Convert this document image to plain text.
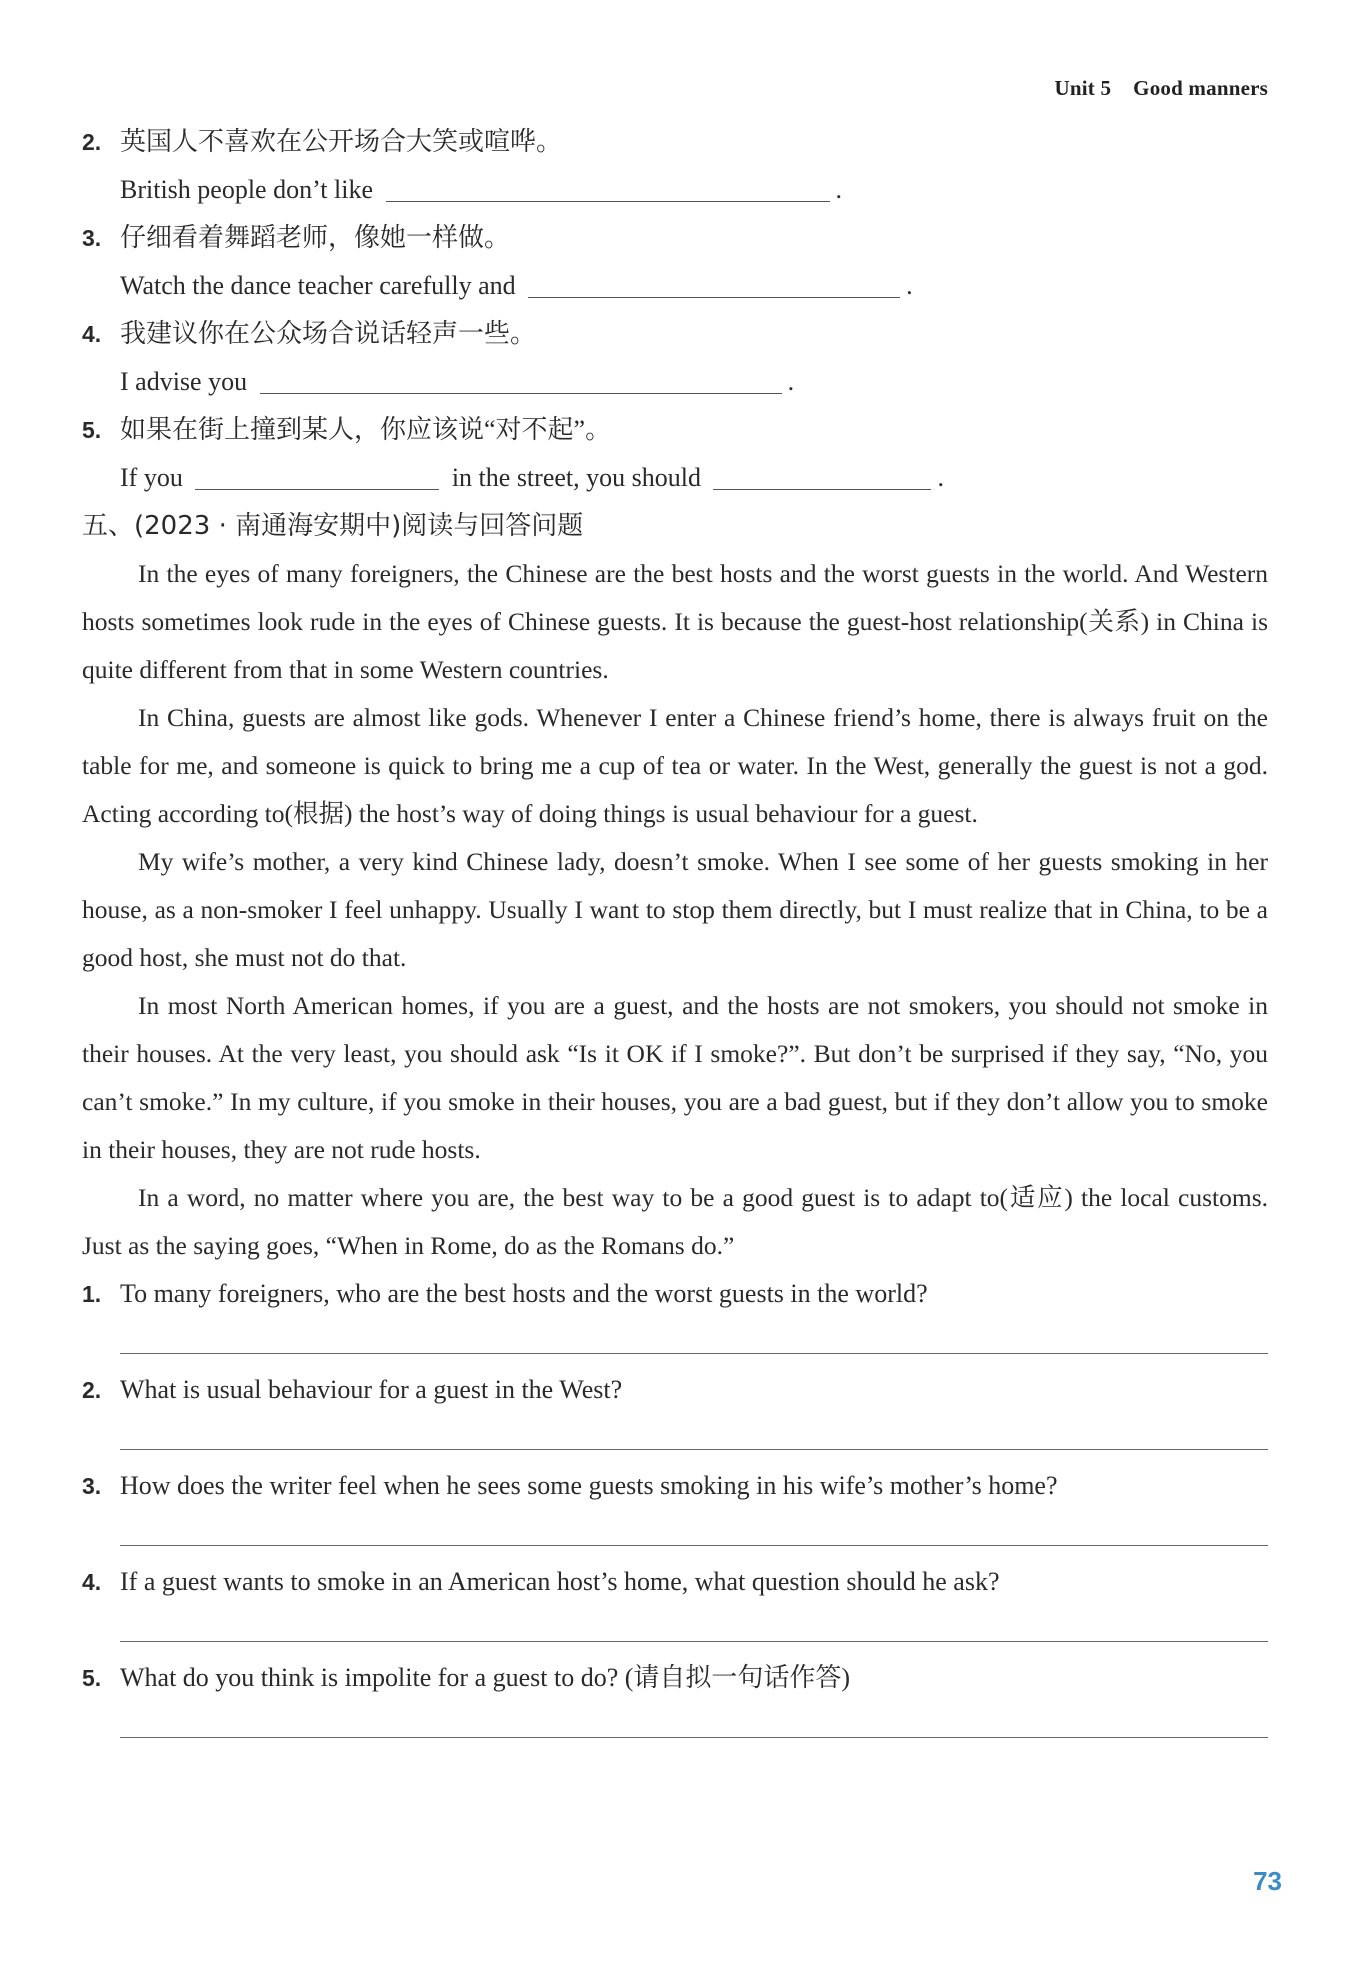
Unit 5 Good manners
2. 英国人不喜欢在公开场合大笑或喧哗。
British people don’t like	.
3. 仔细看着舞蹈老师，像她一样做。
Watch the dance teacher carefully and	.
4. 我建议你在公众场合说话轻声一些。
I advise you	.
5. 如果在街上撞到某人，你应该说“对不起”。
If you	in the street, you should	.
五、(2023 · 南通海安期中)阅读与回答问题

In the eyes of many foreigners, the Chinese are the best hosts and the worst guests in the world. And Western hosts sometimes look rude in the eyes of Chinese guests. It is because the guest-host relationship(关系) in China is quite different from that in some Western countries.

In China, guests are almost like gods. Whenever I enter a Chinese friend’s home, there is always fruit on the table for me, and someone is quick to bring me a cup of tea or water. In the West, generally the guest is not a god. Acting according to(根据) the host’s way of doing things is usual behaviour for a guest.

My wife’s mother, a very kind Chinese lady, doesn’t smoke. When I see some of her guests smoking in her house, as a non-smoker I feel unhappy. Usually I want to stop them directly, but I must realize that in China, to be a good host, she must not do that.

In most North American homes, if you are a guest, and the hosts are not smokers, you should not smoke in their houses. At the very least, you should ask “Is it OK if I smoke?”. But don’t be surprised if they say, “No, you can’t smoke.” In my culture, if you smoke in their houses, you are a bad guest, but if they don’t allow you to smoke in their houses, they are not rude hosts.

In a word, no matter where you are, the best way to be a good guest is to adapt to(适应) the local customs. Just as the saying goes, “When in Rome, do as the Romans do.”

1. To many foreigners, who are the best hosts and the worst guests in the world?
2. What is usual behaviour for a guest in the West?
3. How does the writer feel when he sees some guests smoking in his wife’s mother’s home?
4. If a guest wants to smoke in an American host’s home, what question should he ask?
5. What do you think is impolite for a guest to do? (请自拟一句话作答)
73
